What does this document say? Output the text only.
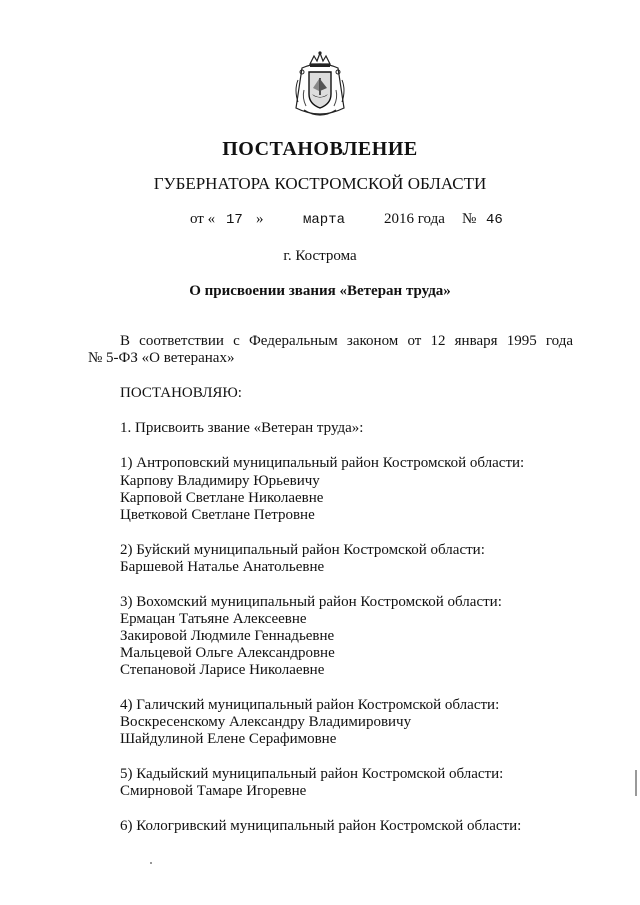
ПОСТАНОВЛЕНИЕ
ГУБЕРНАТОРА КОСТРОМСКОЙ ОБЛАСТИ
от « 17 »	марта	2016 года № 46
г. Кострома
О присвоении звания «Ветеран труда»
В соответствии с Федеральным законом от 12 января 1995 года
№ 5-ФЗ «О ветеранах»
ПОСТАНОВЛЯЮ:
1. Присвоить звание «Ветеран труда»:
1) Антроповский муниципальный район Костромской области:
Карпову Владимиру Юрьевичу
Карповой Светлане Николаевне
Цветковой Светлане Петровне
2) Буйский муниципальный район Костромской области:
Баршевой Наталье Анатольевне
3) Вохомский муниципальный район Костромской области:
Ермацан Татьяне Алексеевне
Закировой Людмиле Геннадьевне
Мальцевой Ольге Александровне
Степановой Ларисе Николаевне
4) Галичский муниципальный район Костромской области:
Воскресенскому Александру Владимировичу
Шайдулиной Елене Серафимовне
5) Кадыйский муниципальный район Костромской области:
Смирновой Тамаре Игоревне
6) Кологривский муниципальный район Костромской области:
